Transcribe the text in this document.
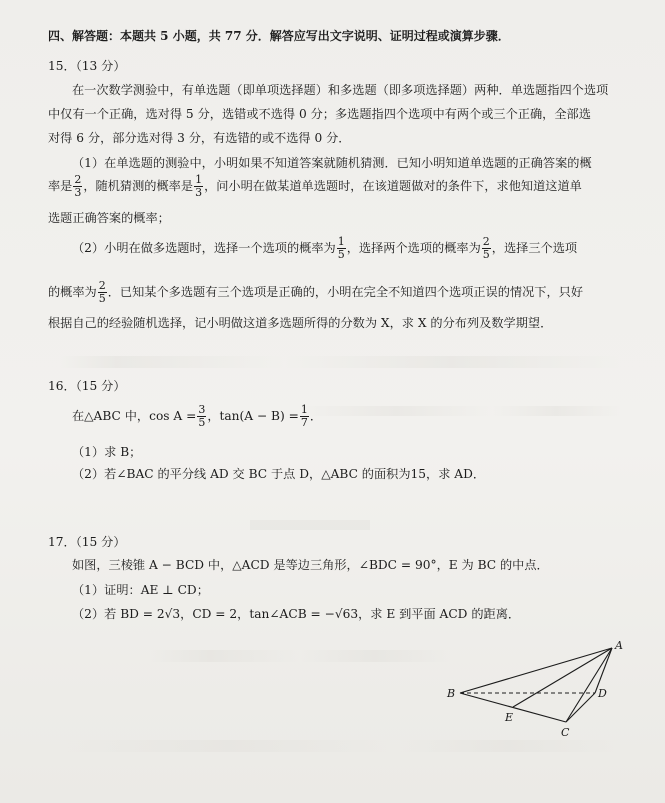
四、解答题：本题共 5 小题，共 77 分．解答应写出文字说明、证明过程或演算步骤．
15．（13 分）
在一次数学测验中，有单选题（即单项选择题）和多选题（即多项选择题）两种．单选题指四个选项
中仅有一个正确，选对得 5 分，选错或不选得 0 分；多选题指四个选项中有两个或三个正确，全部选
对得 6 分，部分选对得 3 分，有选错的或不选得 0 分．
（1）在单选题的测验中，小明如果不知道答案就随机猜测．已知小明知道单选题的正确答案的概
率是 $\frac{2}{3}$ ，随机猜测的概率是 $\frac{1}{3}$ ，问小明在做某道单选题时，在该道题做对的条件下，求他知道这道单
选题正确答案的概率；
（2）小明在做多选题时，选择一个选项的概率为 $\frac{1}{5}$ ，选择两个选项的概率为 $\frac{2}{5}$ ，选择三个选项
的概率为 $\frac{2}{5}$ ．已知某个多选题有三个选项是正确的，小明在完全不知道四个选项正误的情况下，只好
根据自己的经验随机选择，记小明做这道多选题所得的分数为 X，求 X 的分布列及数学期望．
16．（15 分）
在△ABC 中，$\cos A = \frac{3}{5}$ ，$\tan(A - B) = \frac{1}{7}$ ．
（1）求 B；
（2）若∠BAC 的平分线 AD 交 BC 于点 D，△ABC 的面积为15，求 AD．
17．（15 分）
如图，三棱锥 A − BCD 中，△ACD 是等边三角形，∠BDC = 90°，E 为 BC 的中点．
（1）证明：AE ⊥ CD；
（2）若 BD = 2√3，CD = 2，tan∠ACB = −√63，求 E 到平面 ACD 的距离．
A
B
C
D
E
